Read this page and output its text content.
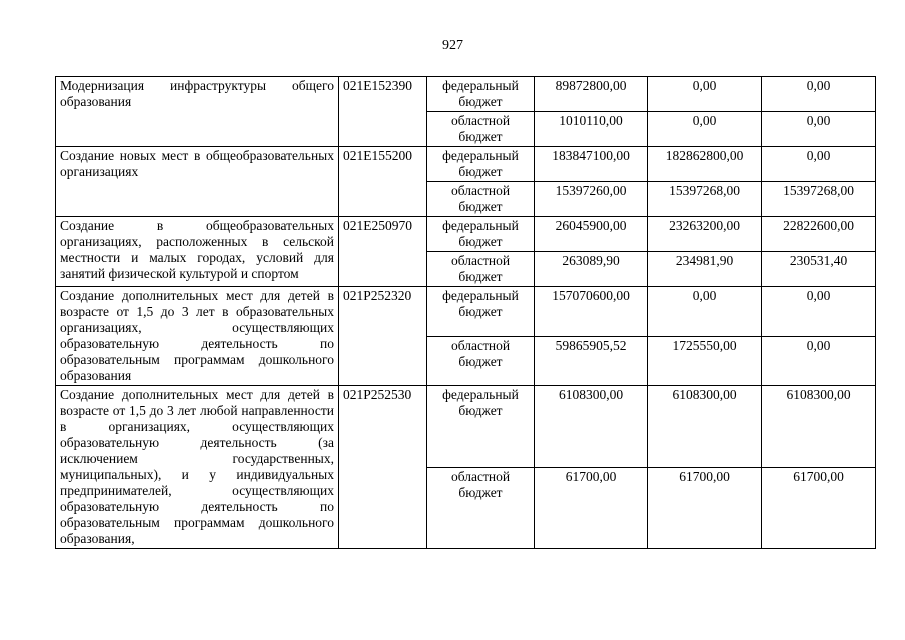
927
Модернизация инфраструктуры общего образования	021E152390	федеральный бюджет	89872800,00	0,00	0,00
		областной бюджет	1010110,00	0,00	0,00
Создание новых мест в общеобразовательных организациях	021E155200	федеральный бюджет	183847100,00	182862800,00	0,00
		областной бюджет	15397260,00	15397268,00	15397268,00
Создание в общеобразовательных организациях, расположенных в сельской местности и малых городах, условий для занятий физической культурой и спортом	021E250970	федеральный бюджет	26045900,00	23263200,00	22822600,00
		областной бюджет	263089,90	234981,90	230531,40
Создание дополнительных мест для детей в возрасте от 1,5 до 3 лет в образовательных организациях, осуществляющих образовательную деятельность по образовательным программам дошкольного образования	021P252320	федеральный бюджет	157070600,00	0,00	0,00
		областной бюджет	59865905,52	1725550,00	0,00
Создание дополнительных мест для детей в возрасте от 1,5 до 3 лет любой направленности в организациях, осуществляющих образовательную деятельность (за исключением государственных, муниципальных), и у индивидуальных предпринимателей, осуществляющих образовательную деятельность по образовательным программам дошкольного образования,	021P252530	федеральный бюджет	6108300,00	6108300,00	6108300,00
		областной бюджет	61700,00	61700,00	61700,00
